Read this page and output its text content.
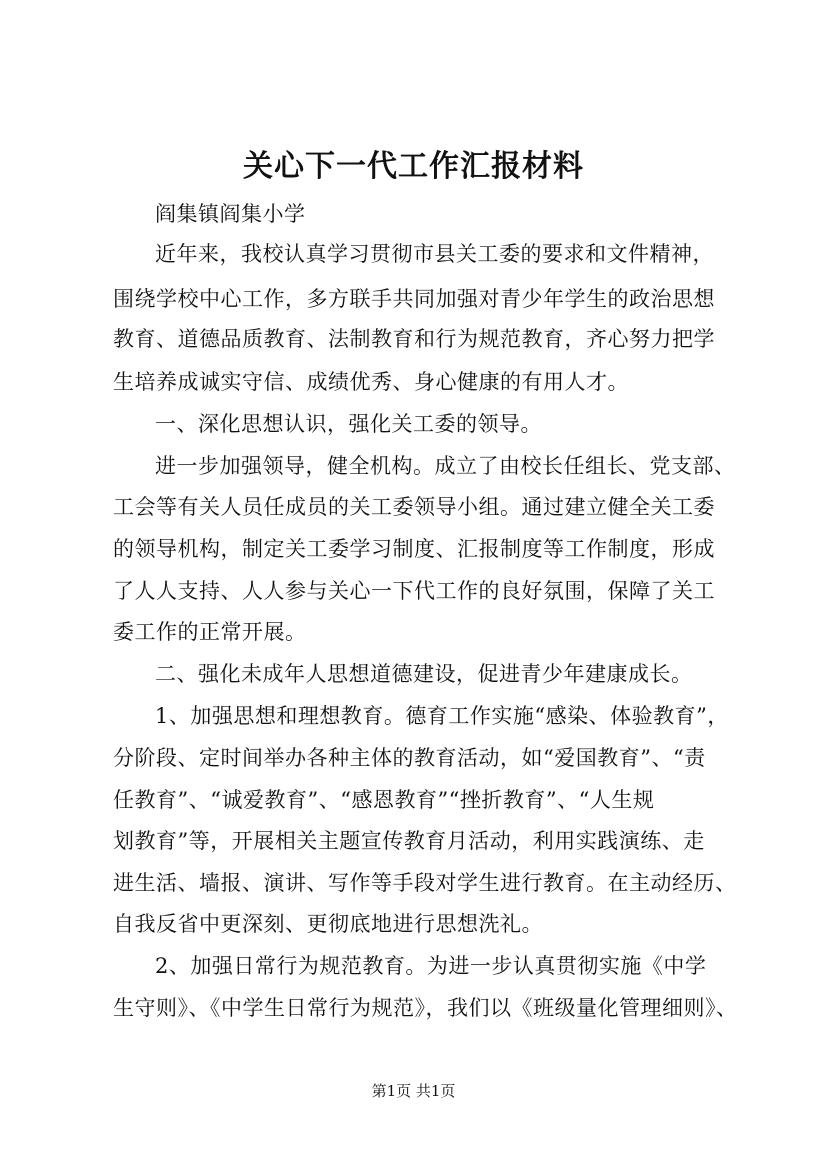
关心下一代工作汇报材料
阎集镇阎集小学
近年来，我校认真学习贯彻市县关工委的要求和文件精神，
围绕学校中心工作，多方联手共同加强对青少年学生的政治思想
教育、道德品质教育、法制教育和行为规范教育，齐心努力把学
生培养成诚实守信、成绩优秀、身心健康的有用人才。
一、深化思想认识，强化关工委的领导。
进一步加强领导，健全机构。成立了由校长任组长、党支部、
工会等有关人员任成员的关工委领导小组。通过建立健全关工委
的领导机构，制定关工委学习制度、汇报制度等工作制度，形成
了人人支持、人人参与关心一下代工作的良好氛围，保障了关工
委工作的正常开展。
二、强化未成年人思想道德建设，促进青少年建康成长。
1、加强思想和理想教育。德育工作实施“感染、体验教育”，
分阶段、定时间举办各种主体的教育活动，如“爱国教育”、“责
任教育”、“诚爱教育”、“感恩教育”“挫折教育”、“人生规
划教育”等，开展相关主题宣传教育月活动，利用实践演练、走
进生活、墙报、演讲、写作等手段对学生进行教育。在主动经历、
自我反省中更深刻、更彻底地进行思想洗礼。
2、加强日常行为规范教育。为进一步认真贯彻实施《中学
生守则》、《中学生日常行为规范》，我们以《班级量化管理细则》、
第1页 共1页
